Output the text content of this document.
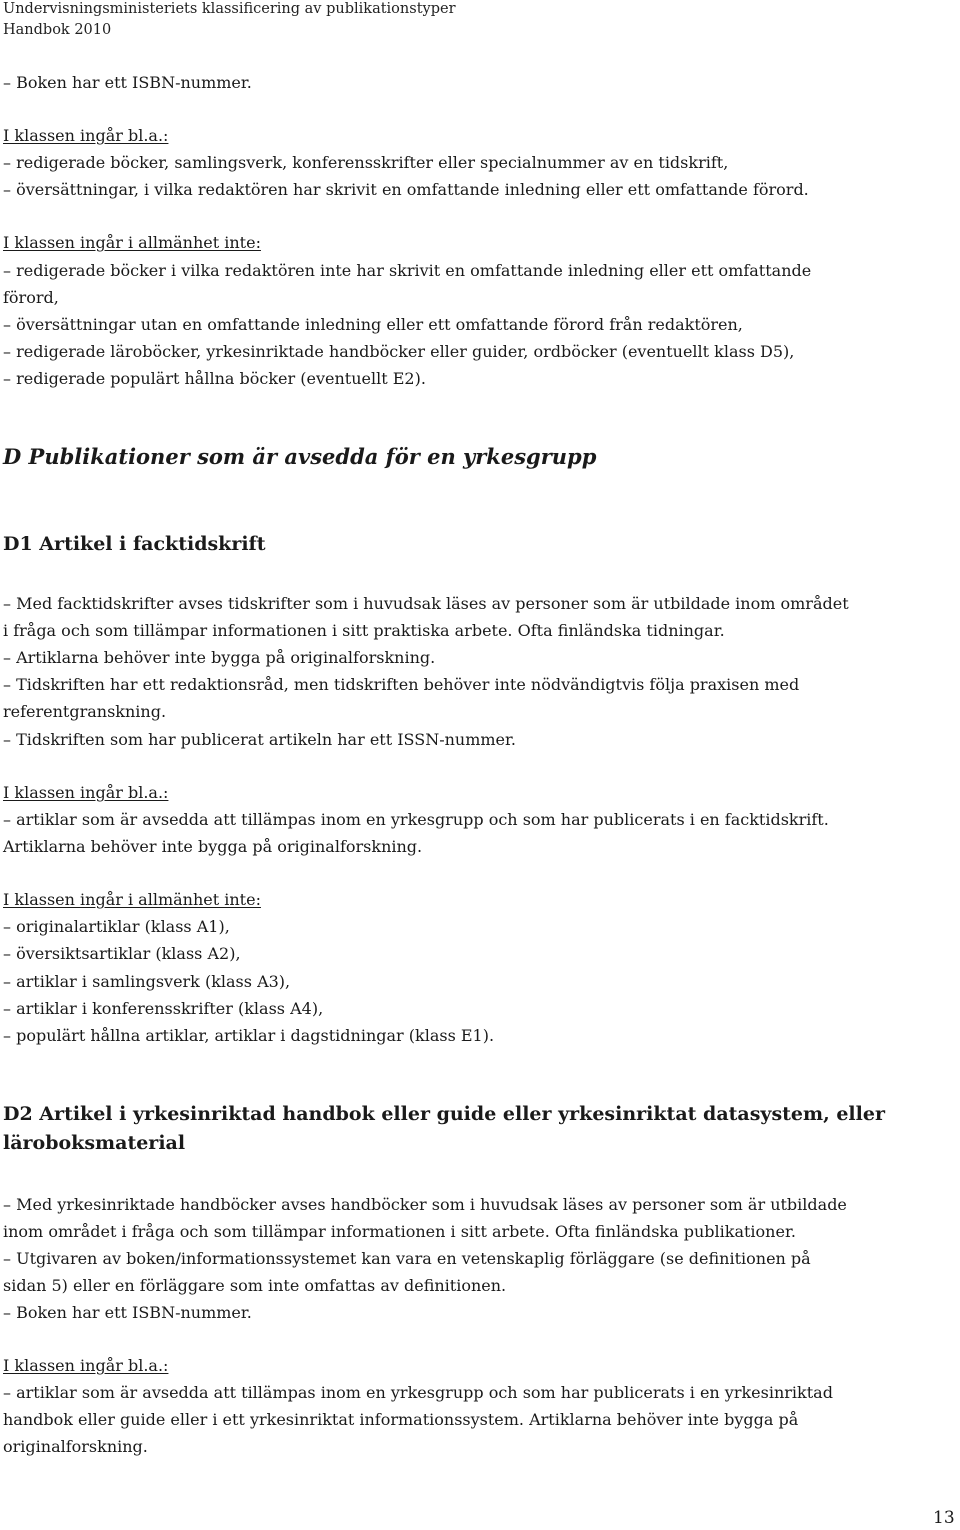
Undervisningsministeriets klassificering av publikationstyper
Handbok 2010
– Boken har ett ISBN-nummer.
I klassen ingår bl.a.:
– redigerade böcker, samlingsverk, konferensskrifter eller specialnummer av en tidskrift,
– översättningar, i vilka redaktören har skrivit en omfattande inledning eller ett omfattande förord.
I klassen ingår i allmänhet inte:
– redigerade böcker i vilka redaktören inte har skrivit en omfattande inledning eller ett omfattande
förord,
– översättningar utan en omfattande inledning eller ett omfattande förord från redaktören,
– redigerade läroböcker, yrkesinriktade handböcker eller guider, ordböcker (eventuellt klass D5),
– redigerade populärt hållna böcker (eventuellt E2).
D Publikationer som är avsedda för en yrkesgrupp
D1 Artikel i facktidskrift
– Med facktidskrifter avses tidskrifter som i huvudsak läses av personer som är utbildade inom området
i fråga och som tillämpar informationen i sitt praktiska arbete. Ofta finländska tidningar.
– Artiklarna behöver inte bygga på originalforskning.
– Tidskriften har ett redaktionsråd, men tidskriften behöver inte nödvändigtvis följa praxisen med
referentgranskning.
– Tidskriften som har publicerat artikeln har ett ISSN-nummer.
I klassen ingår bl.a.:
– artiklar som är avsedda att tillämpas inom en yrkesgrupp och som har publicerats i en facktidskrift.
Artiklarna behöver inte bygga på originalforskning.
I klassen ingår i allmänhet inte:
– originalartiklar (klass A1),
– översiktsartiklar (klass A2),
– artiklar i samlingsverk (klass A3),
– artiklar i konferensskrifter (klass A4),
– populärt hållna artiklar, artiklar i dagstidningar (klass E1).
D2 Artikel i yrkesinriktad handbok eller guide eller yrkesinriktat datasystem, eller
läroboksmaterial
– Med yrkesinriktade handböcker avses handböcker som i huvudsak läses av personer som är utbildade
inom området i fråga och som tillämpar informationen i sitt arbete. Ofta finländska publikationer.
– Utgivaren av boken/informationssystemet kan vara en vetenskaplig förläggare (se definitionen på
sidan 5) eller en förläggare som inte omfattas av definitionen.
– Boken har ett ISBN-nummer.
I klassen ingår bl.a.:
– artiklar som är avsedda att tillämpas inom en yrkesgrupp och som har publicerats i en yrkesinriktad
handbok eller guide eller i ett yrkesinriktat informationssystem. Artiklarna behöver inte bygga på
originalforskning.
13
